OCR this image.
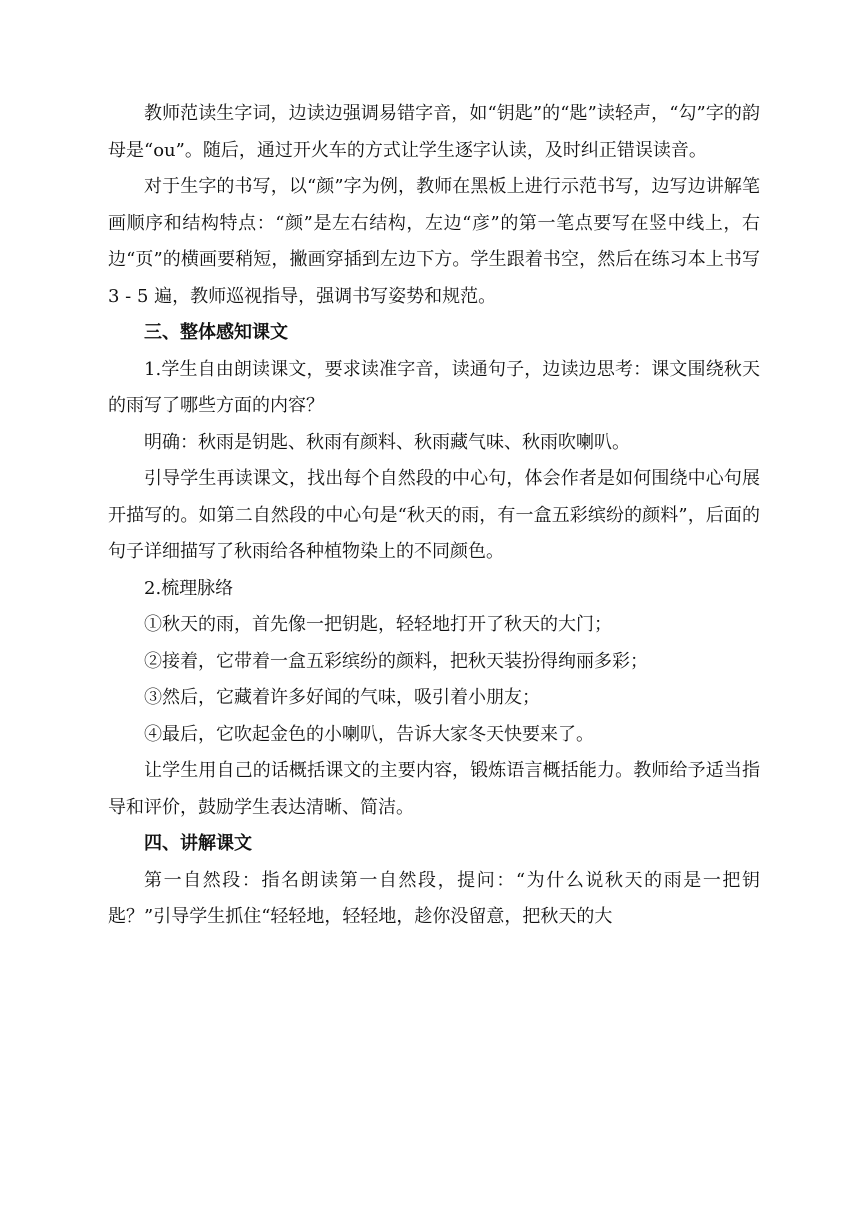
教师范读生字词，边读边强调易错字音，如“钥匙”的“匙”读轻声，“勾”字的韵母是“ou”。随后，通过开火车的方式让学生逐字认读，及时纠正错误读音。

对于生字的书写，以“颜”字为例，教师在黑板上进行示范书写，边写边讲解笔画顺序和结构特点：“颜”是左右结构，左边“彦”的第一笔点要写在竖中线上，右边“页”的横画要稍短，撇画穿插到左边下方。学生跟着书空，然后在练习本上书写 3 - 5 遍，教师巡视指导，强调书写姿势和规范。

三、整体感知课文

1.学生自由朗读课文，要求读准字音，读通句子，边读边思考：课文围绕秋天的雨写了哪些方面的内容？

明确：秋雨是钥匙、秋雨有颜料、秋雨藏气味、秋雨吹喇叭。

引导学生再读课文，找出每个自然段的中心句，体会作者是如何围绕中心句展开描写的。如第二自然段的中心句是“秋天的雨，有一盒五彩缤纷的颜料”，后面的句子详细描写了秋雨给各种植物染上的不同颜色。

2.梳理脉络

①秋天的雨，首先像一把钥匙，轻轻地打开了秋天的大门；

②接着，它带着一盒五彩缤纷的颜料，把秋天装扮得绚丽多彩；

③然后，它藏着许多好闻的气味，吸引着小朋友；

④最后，它吹起金色的小喇叭，告诉大家冬天快要来了。

让学生用自己的话概括课文的主要内容，锻炼语言概括能力。教师给予适当指导和评价，鼓励学生表达清晰、简洁。

四、讲解课文

第一自然段：指名朗读第一自然段，提问：“为什么说秋天的雨是一把钥匙？”引导学生抓住“轻轻地，轻轻地，趁你没留意，把秋天的大
